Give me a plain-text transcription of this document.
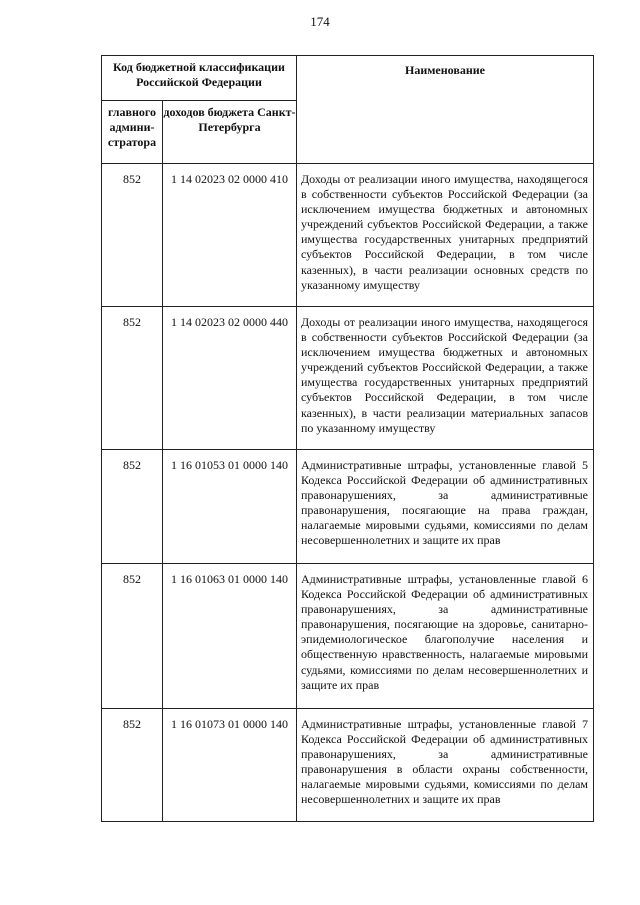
174
Код бюджетной классификации Российской Федерации		Наименование
главного админи-стратора	доходов бюджета Санкт-Петербурга	
852	1 14 02023 02 0000 410	Доходы от реализации иного имущества, находящегося в собственности субъектов Российской Федерации (за исключением имущества бюджетных и автономных учреждений субъектов Российской Федерации, а также имущества государственных унитарных предприятий субъектов Российской Федерации, в том числе казенных), в части реализации основных средств по указанному имуществу
852	1 14 02023 02 0000 440	Доходы от реализации иного имущества, находящегося в собственности субъектов Российской Федерации (за исключением имущества бюджетных и автономных учреждений субъектов Российской Федерации, а также имущества государственных унитарных предприятий субъектов Российской Федерации, в том числе казенных), в части реализации материальных запасов по указанному имуществу
852	1 16 01053 01 0000 140	Административные штрафы, установленные главой 5 Кодекса Российской Федерации об административных правонарушениях, за административные правонарушения, посягающие на права граждан, налагаемые мировыми судьями, комиссиями по делам несовершеннолетних и защите их прав
852	1 16 01063 01 0000 140	Административные штрафы, установленные главой 6 Кодекса Российской Федерации об административных правонарушениях, за административные правонарушения, посягающие на здоровье, санитарно-эпидемиологическое благополучие населения и общественную нравственность, налагаемые мировыми судьями, комиссиями по делам несовершеннолетних и защите их прав
852	1 16 01073 01 0000 140	Административные штрафы, установленные главой 7 Кодекса Российской Федерации об административных правонарушениях, за административные правонарушения в области охраны собственности, налагаемые мировыми судьями, комиссиями по делам несовершеннолетних и защите их прав
